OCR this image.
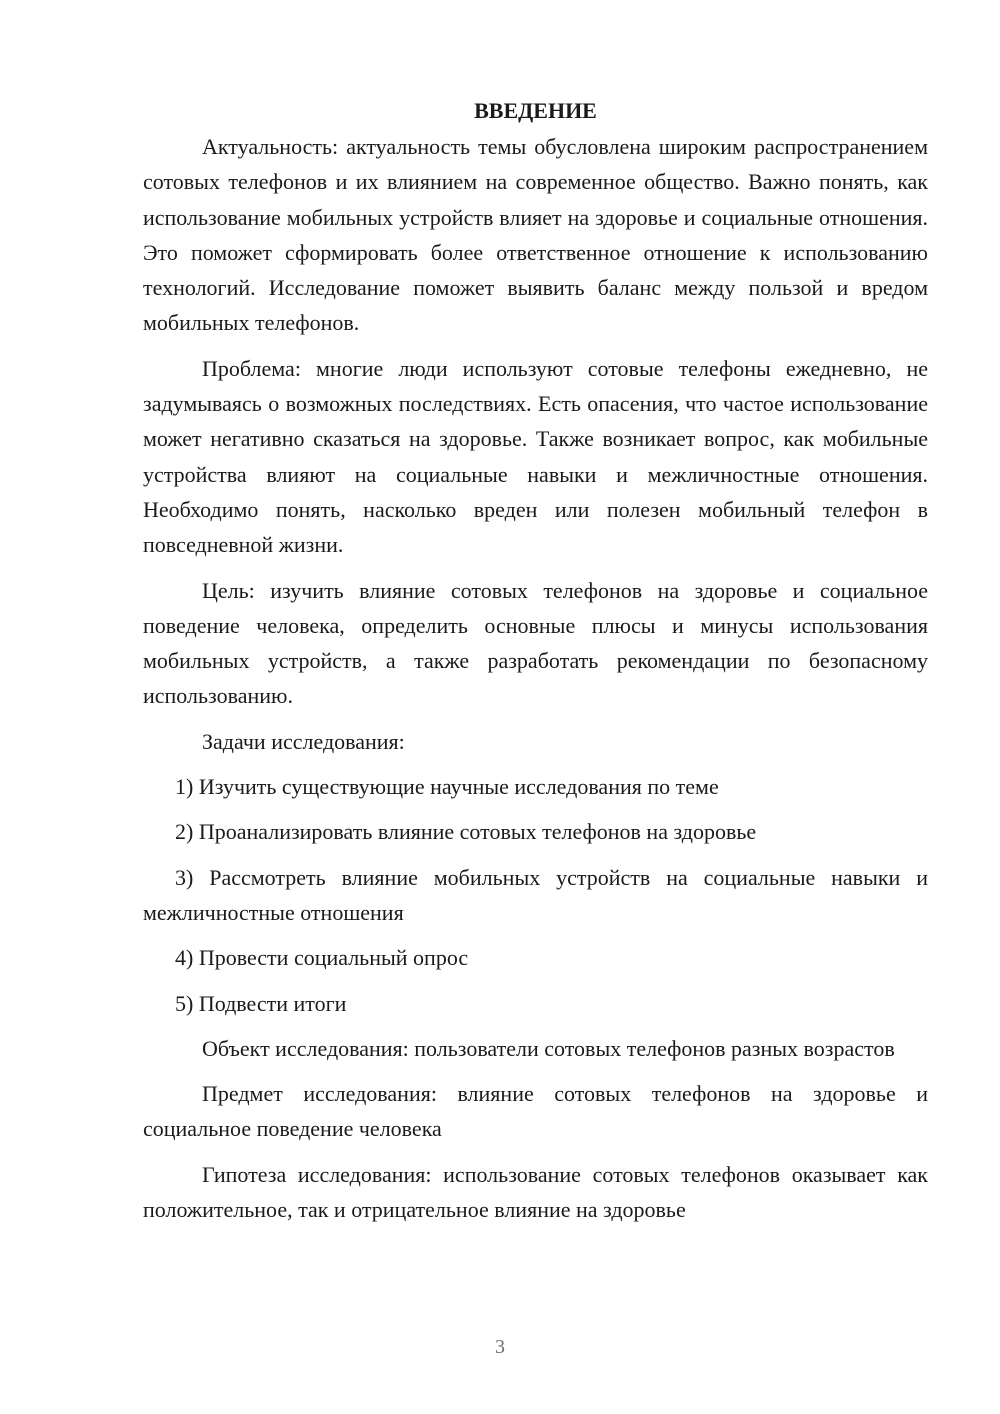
ВВЕДЕНИЕ

Актуальность: актуальность темы обусловлена широким распространением сотовых телефонов и их влиянием на современное общество. Важно понять, как использование мобильных устройств влияет на здоровье и социальные отношения. Это поможет сформировать более ответственное отношение к использованию технологий. Исследование поможет выявить баланс между пользой и вредом мобильных телефонов.

Проблема: многие люди используют сотовые телефоны ежедневно, не задумываясь о возможных последствиях. Есть опасения, что частое использование может негативно сказаться на здоровье. Также возникает вопрос, как мобильные устройства влияют на социальные навыки и межличностные отношения. Необходимо понять, насколько вреден или полезен мобильный телефон в повседневной жизни.

Цель: изучить влияние сотовых телефонов на здоровье и социальное поведение человека, определить основные плюсы и минусы использования мобильных устройств, а также разработать рекомендации по безопасному использованию.

Задачи исследования:

1) Изучить существующие научные исследования по теме

2) Проанализировать влияние сотовых телефонов на здоровье

3) Рассмотреть влияние мобильных устройств на социальные навыки и межличностные отношения

4) Провести социальный опрос

5) Подвести итоги

Объект исследования: пользователи сотовых телефонов разных возрастов

Предмет исследования: влияние сотовых телефонов на здоровье и социальное поведение человека

Гипотеза исследования: использование сотовых телефонов оказывает как положительное, так и отрицательное влияние на здоровье

3
